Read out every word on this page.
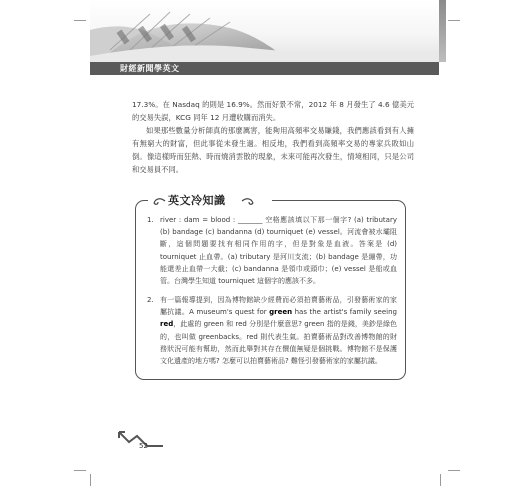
財經新聞學英文

17.3%。在 Nasdaq 的則是 16.9%。然而好景不常，2012 年 8 月發生了 4.6 億美元的交易失誤，KCG 同年 12 月遭收購而消失。

如果那些數量分析師真的那麼厲害，能夠用高頻率交易賺錢，我們應該看到有人擁有無窮大的財富，但此事從未發生過。相反地，我們看到高頻率交易的專家兵敗如山倒。像這樣時而狂熱、時而燒消雲散的現象，未來可能再次發生，情境相同，只是公司和交易員不同。

英文冷知識
1. river : dam = blood : _______ 空格應該填以下那一個字? (a) tributary (b) bandage (c) bandanna (d) tourniquet (e) vessel。河流會被水壩阻斷，這個問題要找有相同作用的字，但是對象是血液。答案是 (d) tourniquet 止血帶。(a) tributary 是河川支流；(b) bandage 是繃帶，功能還差止血帶一大截；(c) bandanna 是領巾或頭巾；(e) vessel 是船或血管。台灣學生知道 tourniquet 這個字的應該不多。
2. 有一篇報導提到，因為博物館缺少經費而必須拍賣藝術品，引發藝術家的家屬抗議。A museum's quest for green has the artist's family seeing red，此處的 green 和 red 分別是什麼意思? green 指的是錢，美鈔是綠色的，也叫做 greenbacks。red 則代表生氣。拍賣藝術品對改善博物館的財務狀況可能有幫助，然而此舉對其存在價值無疑是個挑戰。博物館不是保護文化遺產的地方嗎? 怎麼可以拍賣藝術品? 難怪引發藝術家的家屬抗議。
52
